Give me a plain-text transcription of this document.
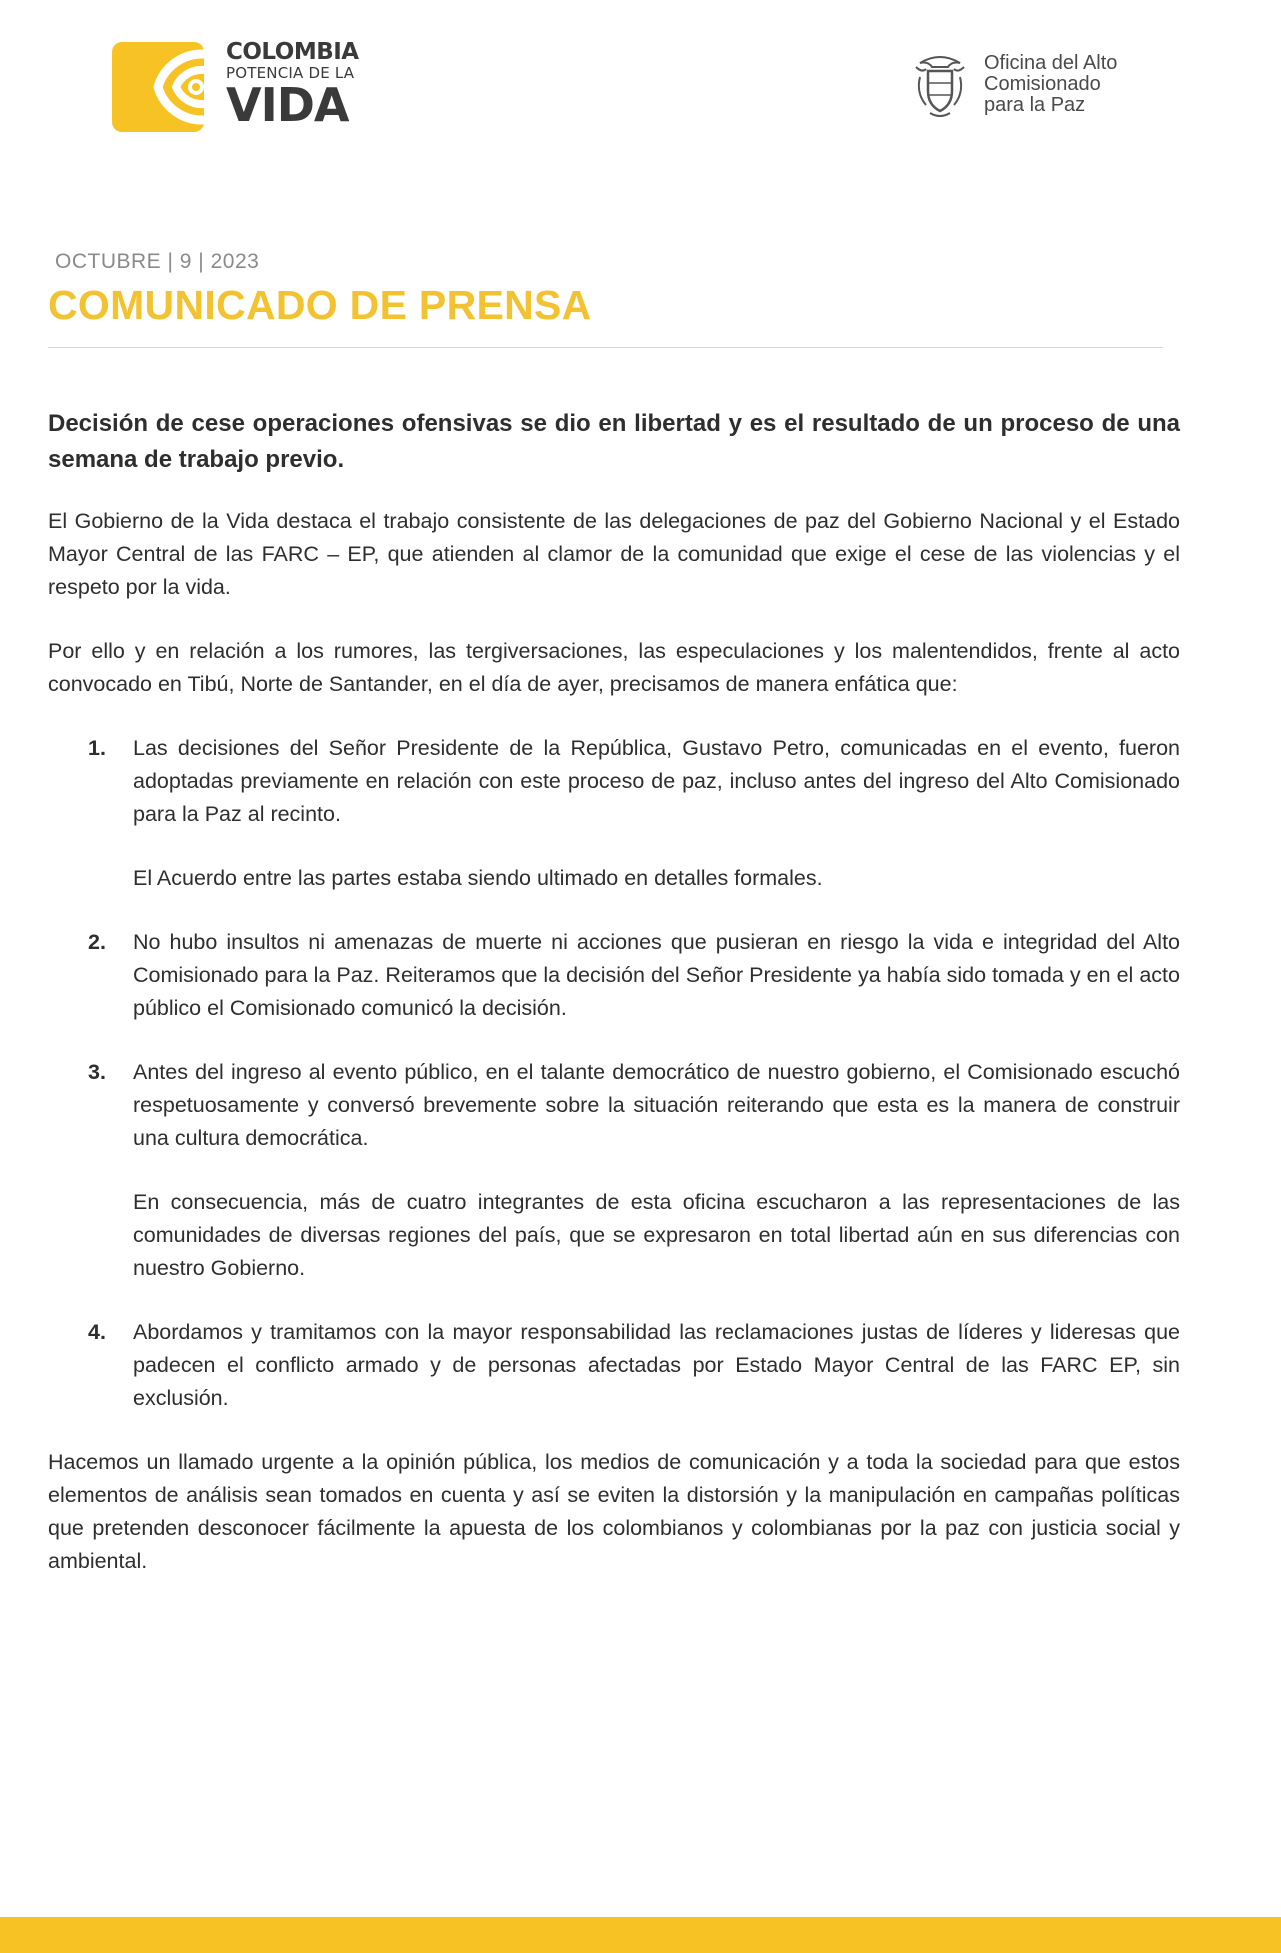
COLOMBIA
POTENCIA DE LA
VIDA
Oficina del Alto
Comisionado
para la Paz
OCTUBRE | 9 | 2023
COMUNICADO DE PRENSA

Decisión de cese operaciones ofensivas se dio en libertad y es el resultado de un proceso de una semana de trabajo previo.

El Gobierno de la Vida destaca el trabajo consistente de las delegaciones de paz del Gobierno Nacional y el Estado Mayor Central de las FARC – EP, que atienden al clamor de la comunidad que exige el cese de las violencias y el respeto por la vida.

Por ello y en relación a los rumores, las tergiversaciones, las especulaciones y los malentendidos, frente al acto convocado en Tibú, Norte de Santander, en el día de ayer, precisamos de manera enfática que:

1. Las decisiones del Señor Presidente de la República, Gustavo Petro, comunicadas en el evento, fueron adoptadas previamente en relación con este proceso de paz, incluso antes del ingreso del Alto Comisionado para la Paz al recinto.

El Acuerdo entre las partes estaba siendo ultimado en detalles formales.

2. No hubo insultos ni amenazas de muerte ni acciones que pusieran en riesgo la vida e integridad del Alto Comisionado para la Paz. Reiteramos que la decisión del Señor Presidente ya había sido tomada y en el acto público el Comisionado comunicó la decisión.

3. Antes del ingreso al evento público, en el talante democrático de nuestro gobierno, el Comisionado escuchó respetuosamente y conversó brevemente sobre la situación reiterando que esta es la manera de construir una cultura democrática.

En consecuencia, más de cuatro integrantes de esta oficina escucharon a las representaciones de las comunidades de diversas regiones del país, que se expresaron en total libertad aún en sus diferencias con nuestro Gobierno.

4. Abordamos y tramitamos con la mayor responsabilidad las reclamaciones justas de líderes y lideresas que padecen el conflicto armado y de personas afectadas por Estado Mayor Central de las FARC EP, sin exclusión.

Hacemos un llamado urgente a la opinión pública, los medios de comunicación y a toda la sociedad para que estos elementos de análisis sean tomados en cuenta y así se eviten la distorsión y la manipulación en campañas políticas que pretenden desconocer fácilmente la apuesta de los colombianos y colombianas por la paz con justicia social y ambiental.
